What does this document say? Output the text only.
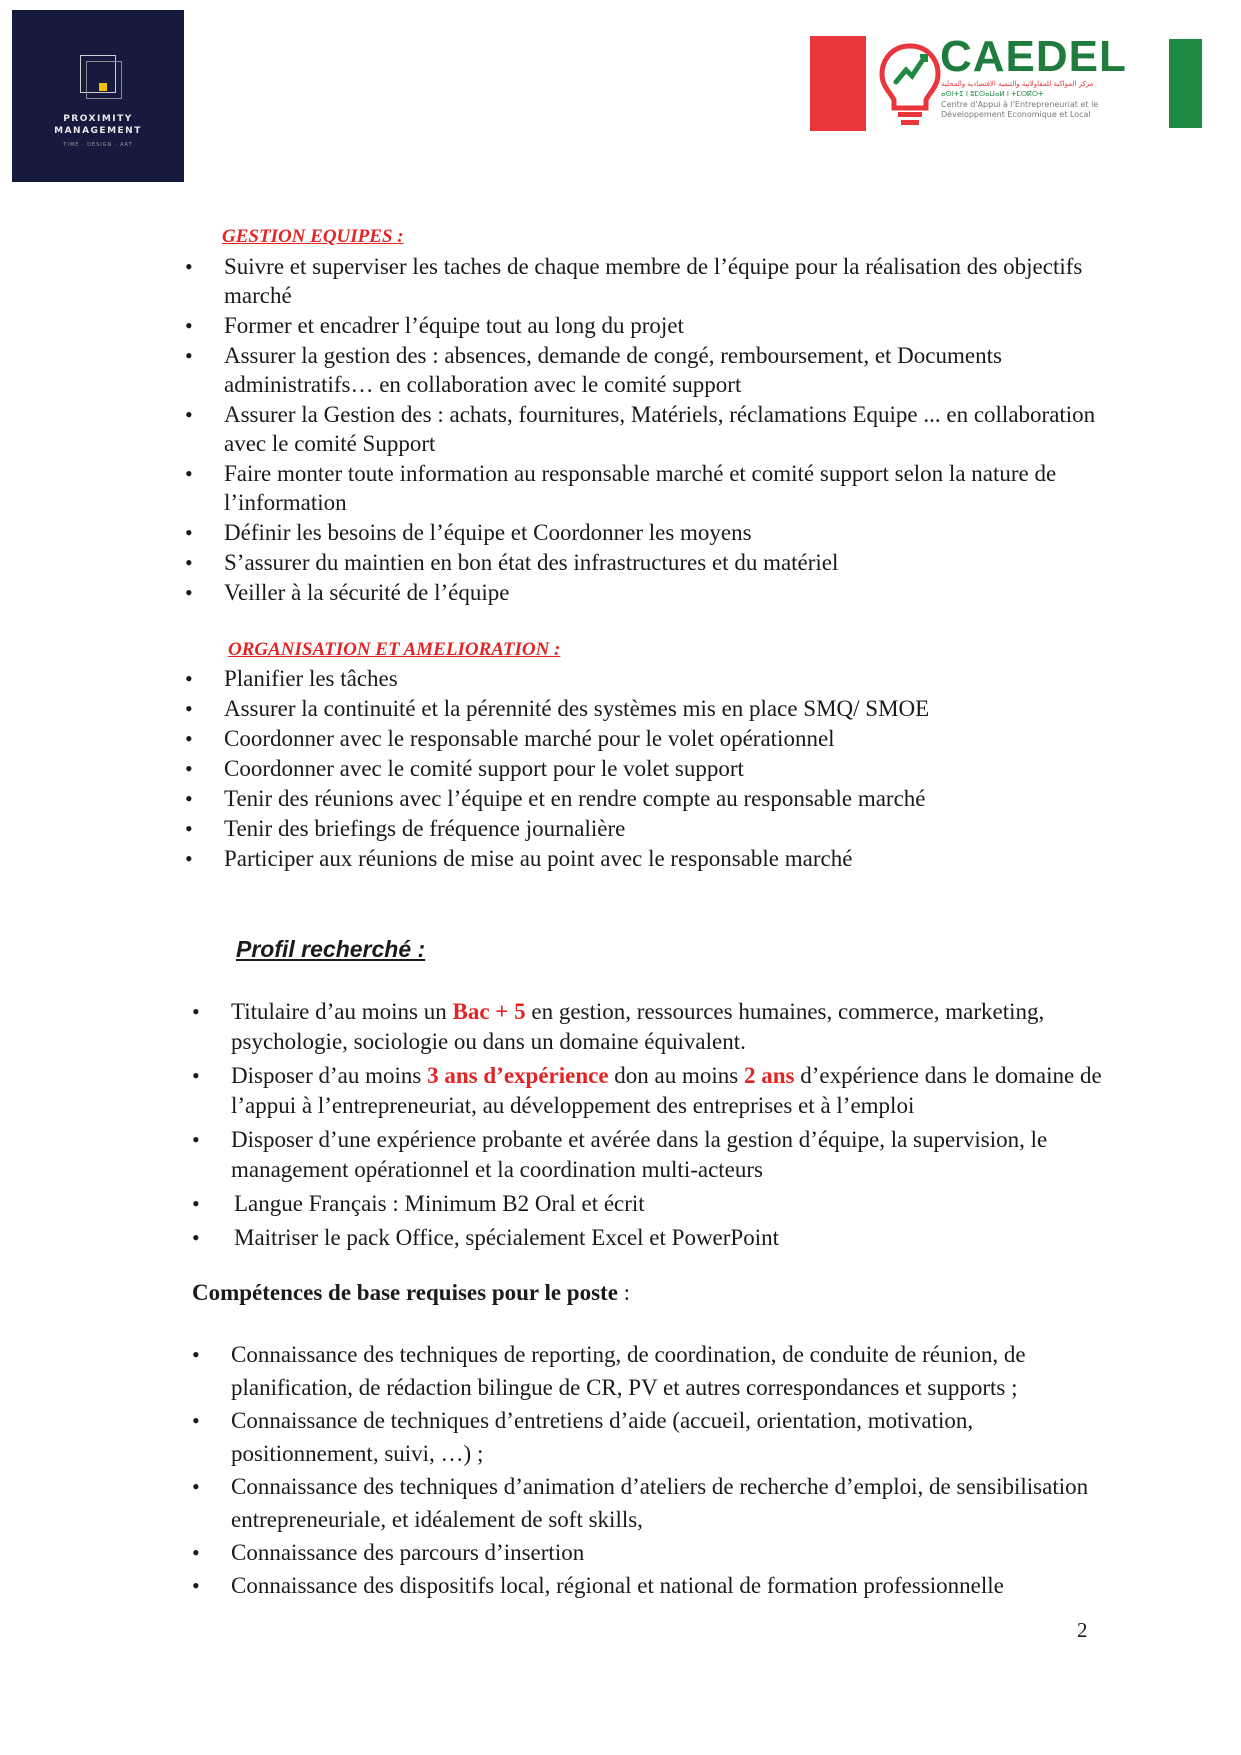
PROXIMITY
MANAGEMENT
TIME · DESIGN · ART
CAEDEL
مركز المواكبة للمقاولاتية والتنمية الاقتصادية والمحلية
ⴰⵙⵏⵜⵉ ⵏ ⵓⵎⵙⴰⵡⴰⵍ ⵏ ⵜⵎⵙⴽⵔⵜ
Centre d'Appui à l'Entrepreneuriat et le
Développement Economique et Local
GESTION EQUIPES :
• Suivre et superviser les taches de chaque membre de l’équipe pour la réalisation des objectifs marché
• Former et encadrer l’équipe tout au long du projet
• Assurer la gestion des : absences, demande de congé, remboursement, et Documents administratifs… en collaboration avec le comité support
• Assurer la Gestion des : achats, fournitures, Matériels, réclamations Equipe ... en collaboration avec le comité Support
• Faire monter toute information au responsable marché et comité support selon la nature de l’information
• Définir les besoins de l’équipe et Coordonner les moyens
• S’assurer du maintien en bon état des infrastructures et du matériel
• Veiller à la sécurité de l’équipe
ORGANISATION ET AMELIORATION :
• Planifier les tâches
• Assurer la continuité et la pérennité des systèmes mis en place SMQ/ SMOE
• Coordonner avec le responsable marché pour le volet opérationnel
• Coordonner avec le comité support pour le volet support
• Tenir des réunions avec l’équipe et en rendre compte au responsable marché
• Tenir des briefings de fréquence journalière
• Participer aux réunions de mise au point avec le responsable marché
Profil recherché :
• Titulaire d’au moins un Bac + 5 en gestion, ressources humaines, commerce, marketing, psychologie, sociologie ou dans un domaine équivalent.
• Disposer d’au moins 3 ans d’expérience don au moins 2 ans d’expérience dans le domaine de l’appui à l’entrepreneuriat, au développement des entreprises et à l’emploi
• Disposer d’une expérience probante et avérée dans la gestion d’équipe, la supervision, le management opérationnel et la coordination multi-acteurs
• Langue Français : Minimum B2 Oral et écrit
• Maitriser le pack Office, spécialement Excel et PowerPoint
Compétences de base requises pour le poste :
• Connaissance des techniques de reporting, de coordination, de conduite de réunion, de planification, de rédaction bilingue de CR, PV et autres correspondances et supports ;
• Connaissance de techniques d’entretiens d’aide (accueil, orientation, motivation, positionnement, suivi, …) ;
• Connaissance des techniques d’animation d’ateliers de recherche d’emploi, de sensibilisation entrepreneuriale, et idéalement de soft skills,
• Connaissance des parcours d’insertion
• Connaissance des dispositifs local, régional et national de formation professionnelle
2
